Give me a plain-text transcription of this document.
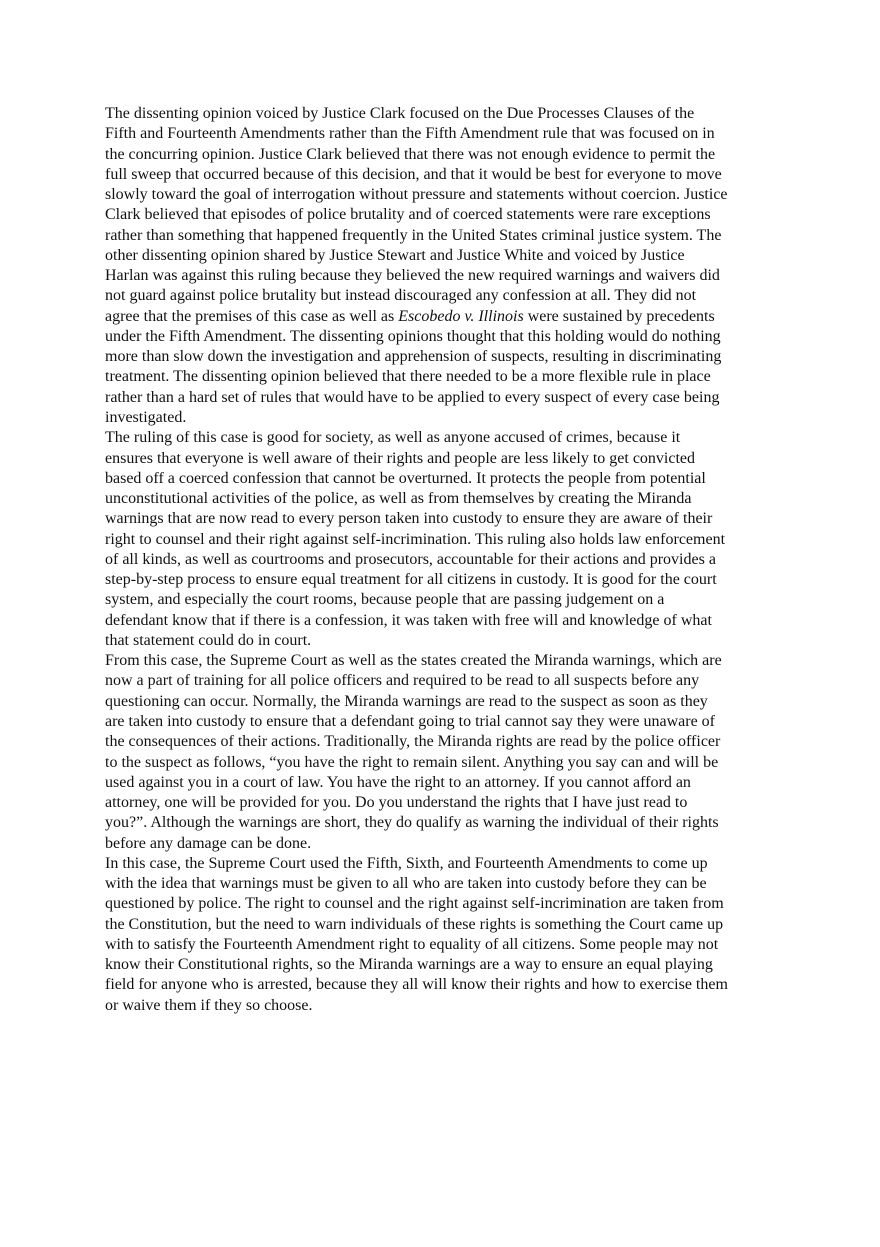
The dissenting opinion voiced by Justice Clark focused on the Due Processes Clauses of the
Fifth and Fourteenth Amendments rather than the Fifth Amendment rule that was focused on in
the concurring opinion. Justice Clark believed that there was not enough evidence to permit the
full sweep that occurred because of this decision, and that it would be best for everyone to move
slowly toward the goal of interrogation without pressure and statements without coercion. Justice
Clark believed that episodes of police brutality and of coerced statements were rare exceptions
rather than something that happened frequently in the United States criminal justice system. The
other dissenting opinion shared by Justice Stewart and Justice White and voiced by Justice
Harlan was against this ruling because they believed the new required warnings and waivers did
not guard against police brutality but instead discouraged any confession at all. They did not
agree that the premises of this case as well as Escobedo v. Illinois were sustained by precedents
under the Fifth Amendment. The dissenting opinions thought that this holding would do nothing
more than slow down the investigation and apprehension of suspects, resulting in discriminating
treatment. The dissenting opinion believed that there needed to be a more flexible rule in place
rather than a hard set of rules that would have to be applied to every suspect of every case being
investigated.
The ruling of this case is good for society, as well as anyone accused of crimes, because it
ensures that everyone is well aware of their rights and people are less likely to get convicted
based off a coerced confession that cannot be overturned. It protects the people from potential
unconstitutional activities of the police, as well as from themselves by creating the Miranda
warnings that are now read to every person taken into custody to ensure they are aware of their
right to counsel and their right against self-incrimination. This ruling also holds law enforcement
of all kinds, as well as courtrooms and prosecutors, accountable for their actions and provides a
step-by-step process to ensure equal treatment for all citizens in custody. It is good for the court
system, and especially the court rooms, because people that are passing judgement on a
defendant know that if there is a confession, it was taken with free will and knowledge of what
that statement could do in court.
From this case, the Supreme Court as well as the states created the Miranda warnings, which are
now a part of training for all police officers and required to be read to all suspects before any
questioning can occur. Normally, the Miranda warnings are read to the suspect as soon as they
are taken into custody to ensure that a defendant going to trial cannot say they were unaware of
the consequences of their actions. Traditionally, the Miranda rights are read by the police officer
to the suspect as follows, “you have the right to remain silent. Anything you say can and will be
used against you in a court of law. You have the right to an attorney. If you cannot afford an
attorney, one will be provided for you. Do you understand the rights that I have just read to
you?”. Although the warnings are short, they do qualify as warning the individual of their rights
before any damage can be done.
In this case, the Supreme Court used the Fifth, Sixth, and Fourteenth Amendments to come up
with the idea that warnings must be given to all who are taken into custody before they can be
questioned by police. The right to counsel and the right against self-incrimination are taken from
the Constitution, but the need to warn individuals of these rights is something the Court came up
with to satisfy the Fourteenth Amendment right to equality of all citizens. Some people may not
know their Constitutional rights, so the Miranda warnings are a way to ensure an equal playing
field for anyone who is arrested, because they all will know their rights and how to exercise them
or waive them if they so choose.
